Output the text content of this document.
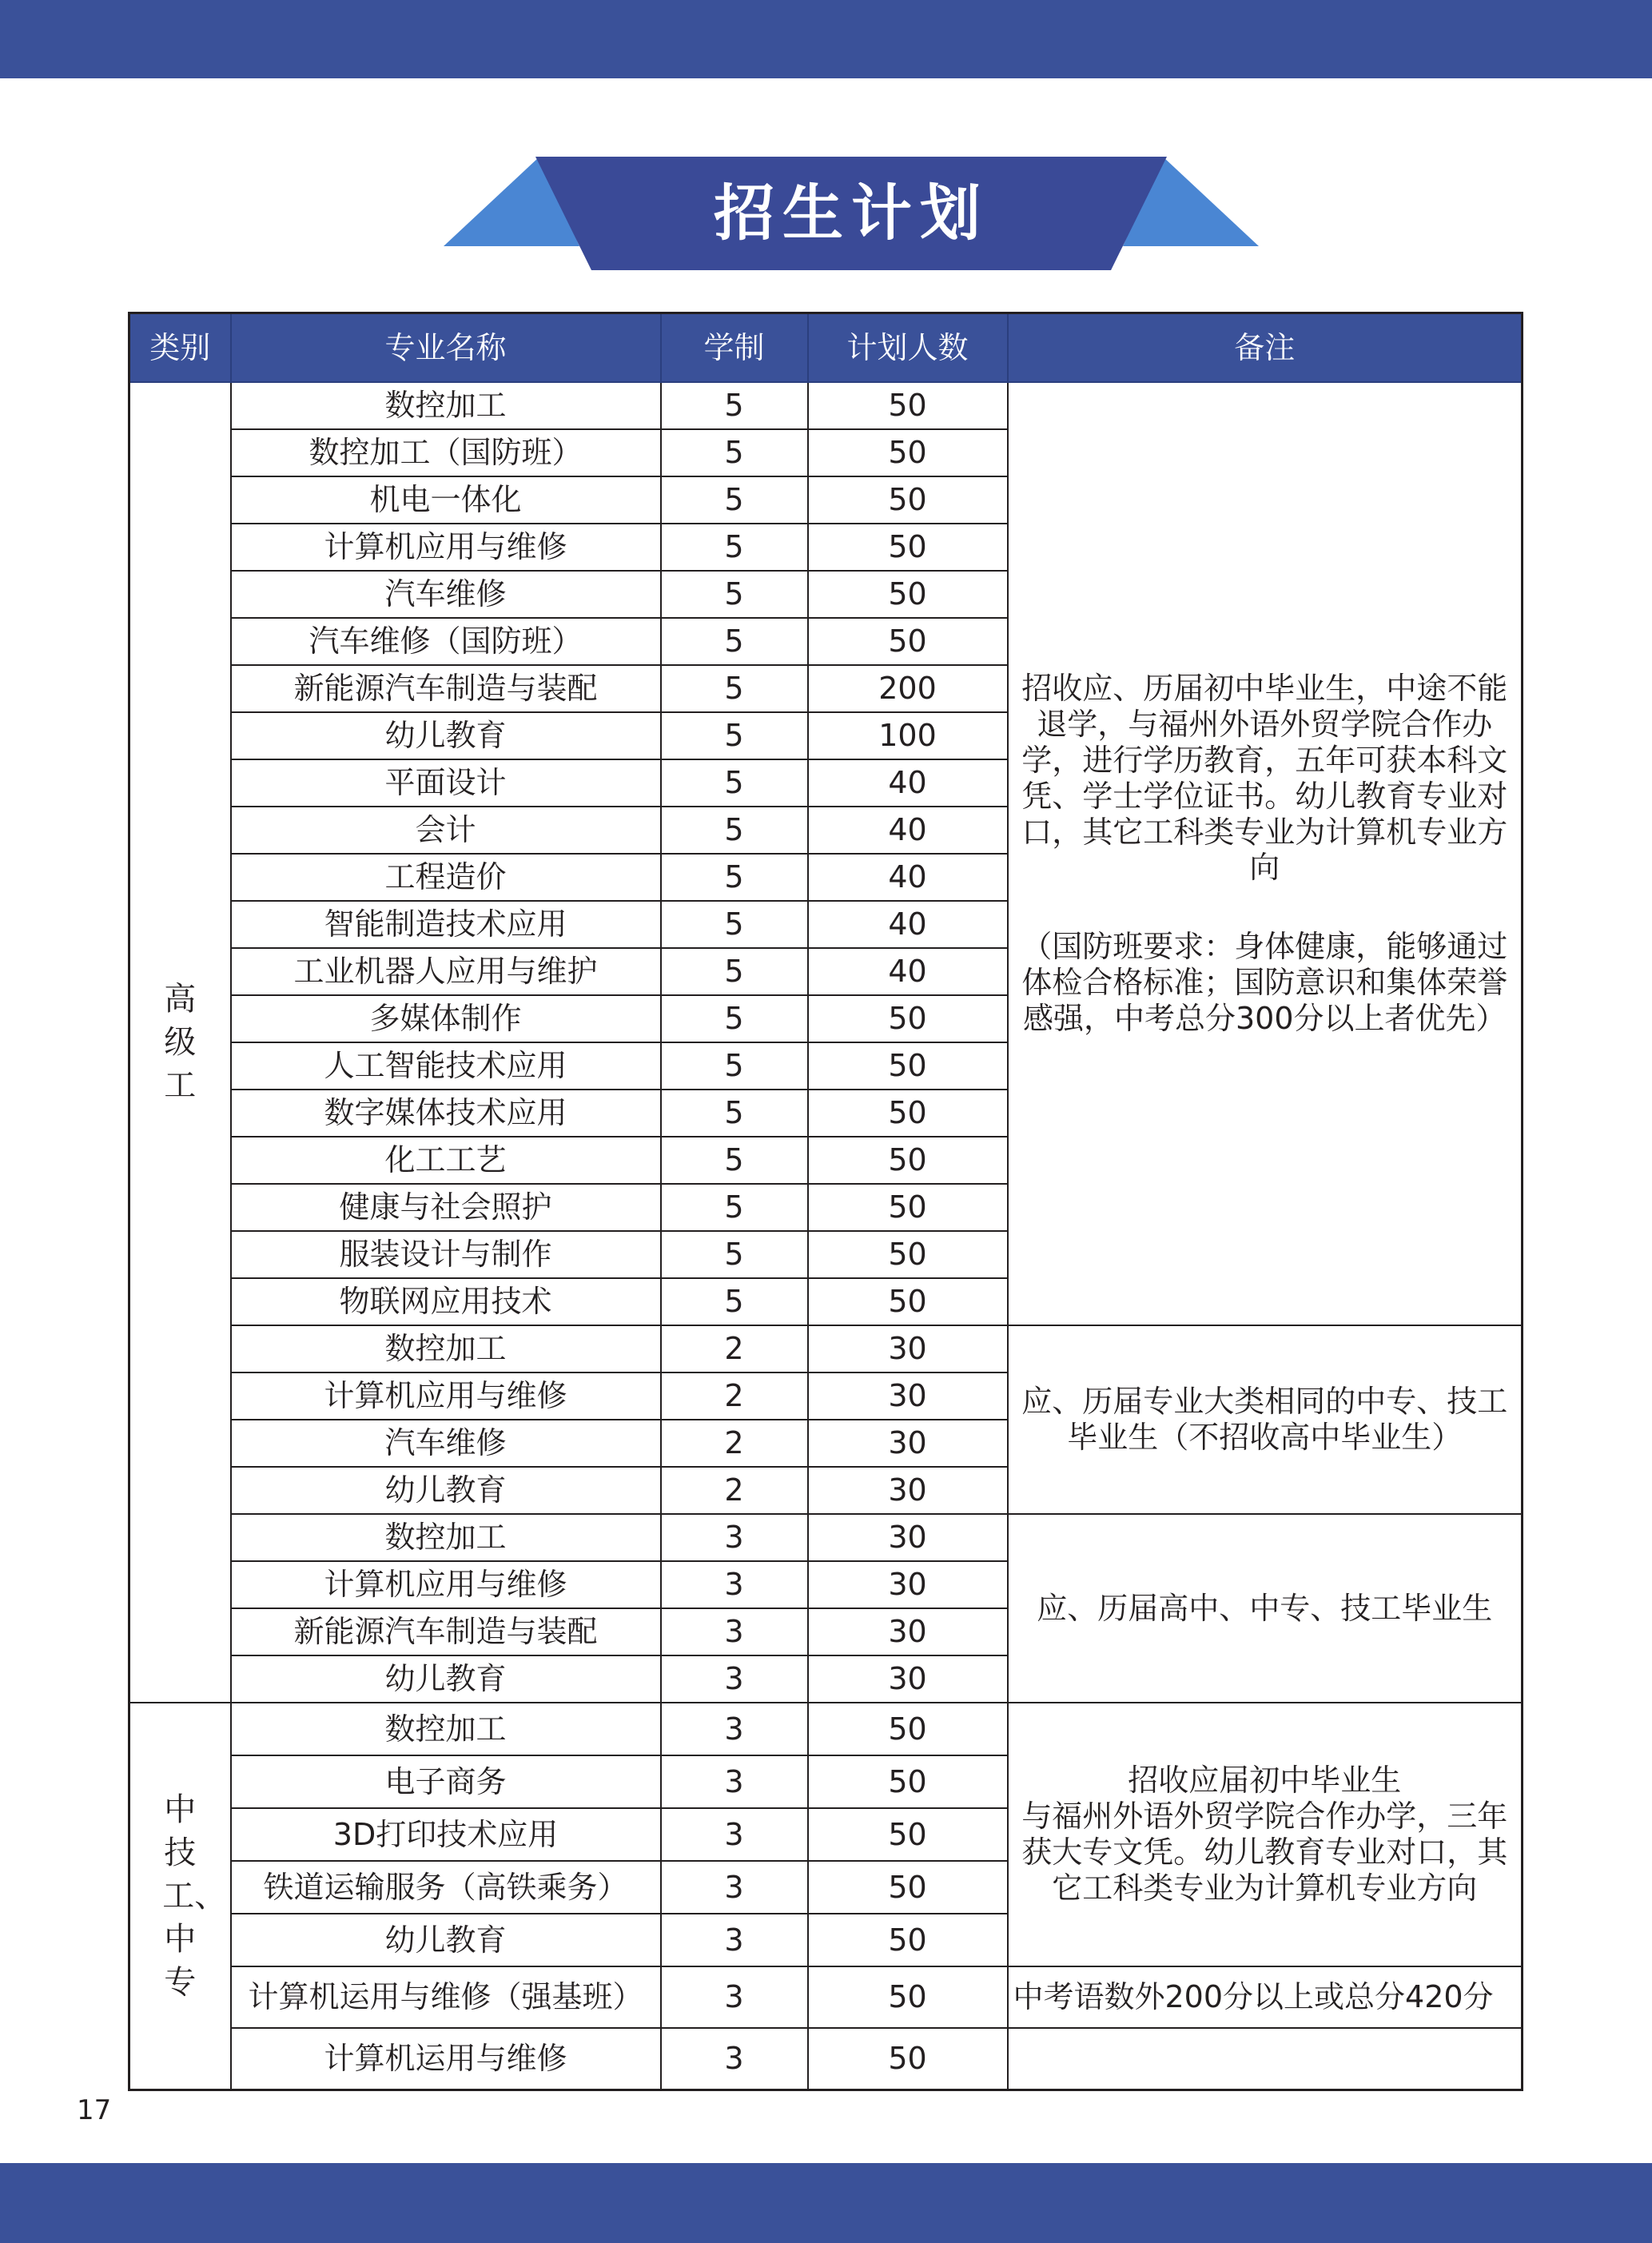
招生计划
类别	专业名称	学制	计划人数	备注
高级工	数控加工	5	50	招收应、历届初中毕业生，中途不能退学，与福州外语外贸学院合作办学，进行学历教育，五年可获本科文凭、学士学位证书。幼儿教育专业对口，其它工科类专业为计算机专业方向
（国防班要求：身体健康，能够通过体检合格标准；国防意识和集体荣誉感强，中考总分300分以上者优先）

	数控加工（国防班）	5	50	
	机电一体化	5	50	
	计算机应用与维修	5	50	
	汽车维修	5	50	
	汽车维修（国防班）	5	50	
	新能源汽车制造与装配	5	200	
	幼儿教育	5	100	
	平面设计	5	40	
	会计	5	40	
	工程造价	5	40	
	智能制造技术应用	5	40	
	工业机器人应用与维护	5	40	
	多媒体制作	5	50	
	人工智能技术应用	5	50	
	数字媒体技术应用	5	50	
	化工工艺	5	50	
	健康与社会照护	5	50	
	服装设计与制作	5	50	
	物联网应用技术	5	50	
	数控加工	2	30	应、历届专业大类相同的中专、技工毕业生（不招收高中毕业生）
	计算机应用与维修	2	30	
	汽车维修	2	30	
	幼儿教育	2	30	
	数控加工	3	30	应、历届高中、中专、技工毕业生
	计算机应用与维修	3	30	
	新能源汽车制造与装配	3	30	
	幼儿教育	3	30	
中技工、中专	数控加工	3	50	招收应届初中毕业生
与福州外语外贸学院合作办学，三年获大专文凭。幼儿教育专业对口，其它工科类专业为计算机专业方向

	电子商务	3	50	
	3D打印技术应用	3	50	
	铁道运输服务（高铁乘务）	3	50	
	幼儿教育	3	50	
	计算机运用与维修（强基班）	3	50	中考语数外200分以上或总分420分
	计算机运用与维修	3	50	
17
